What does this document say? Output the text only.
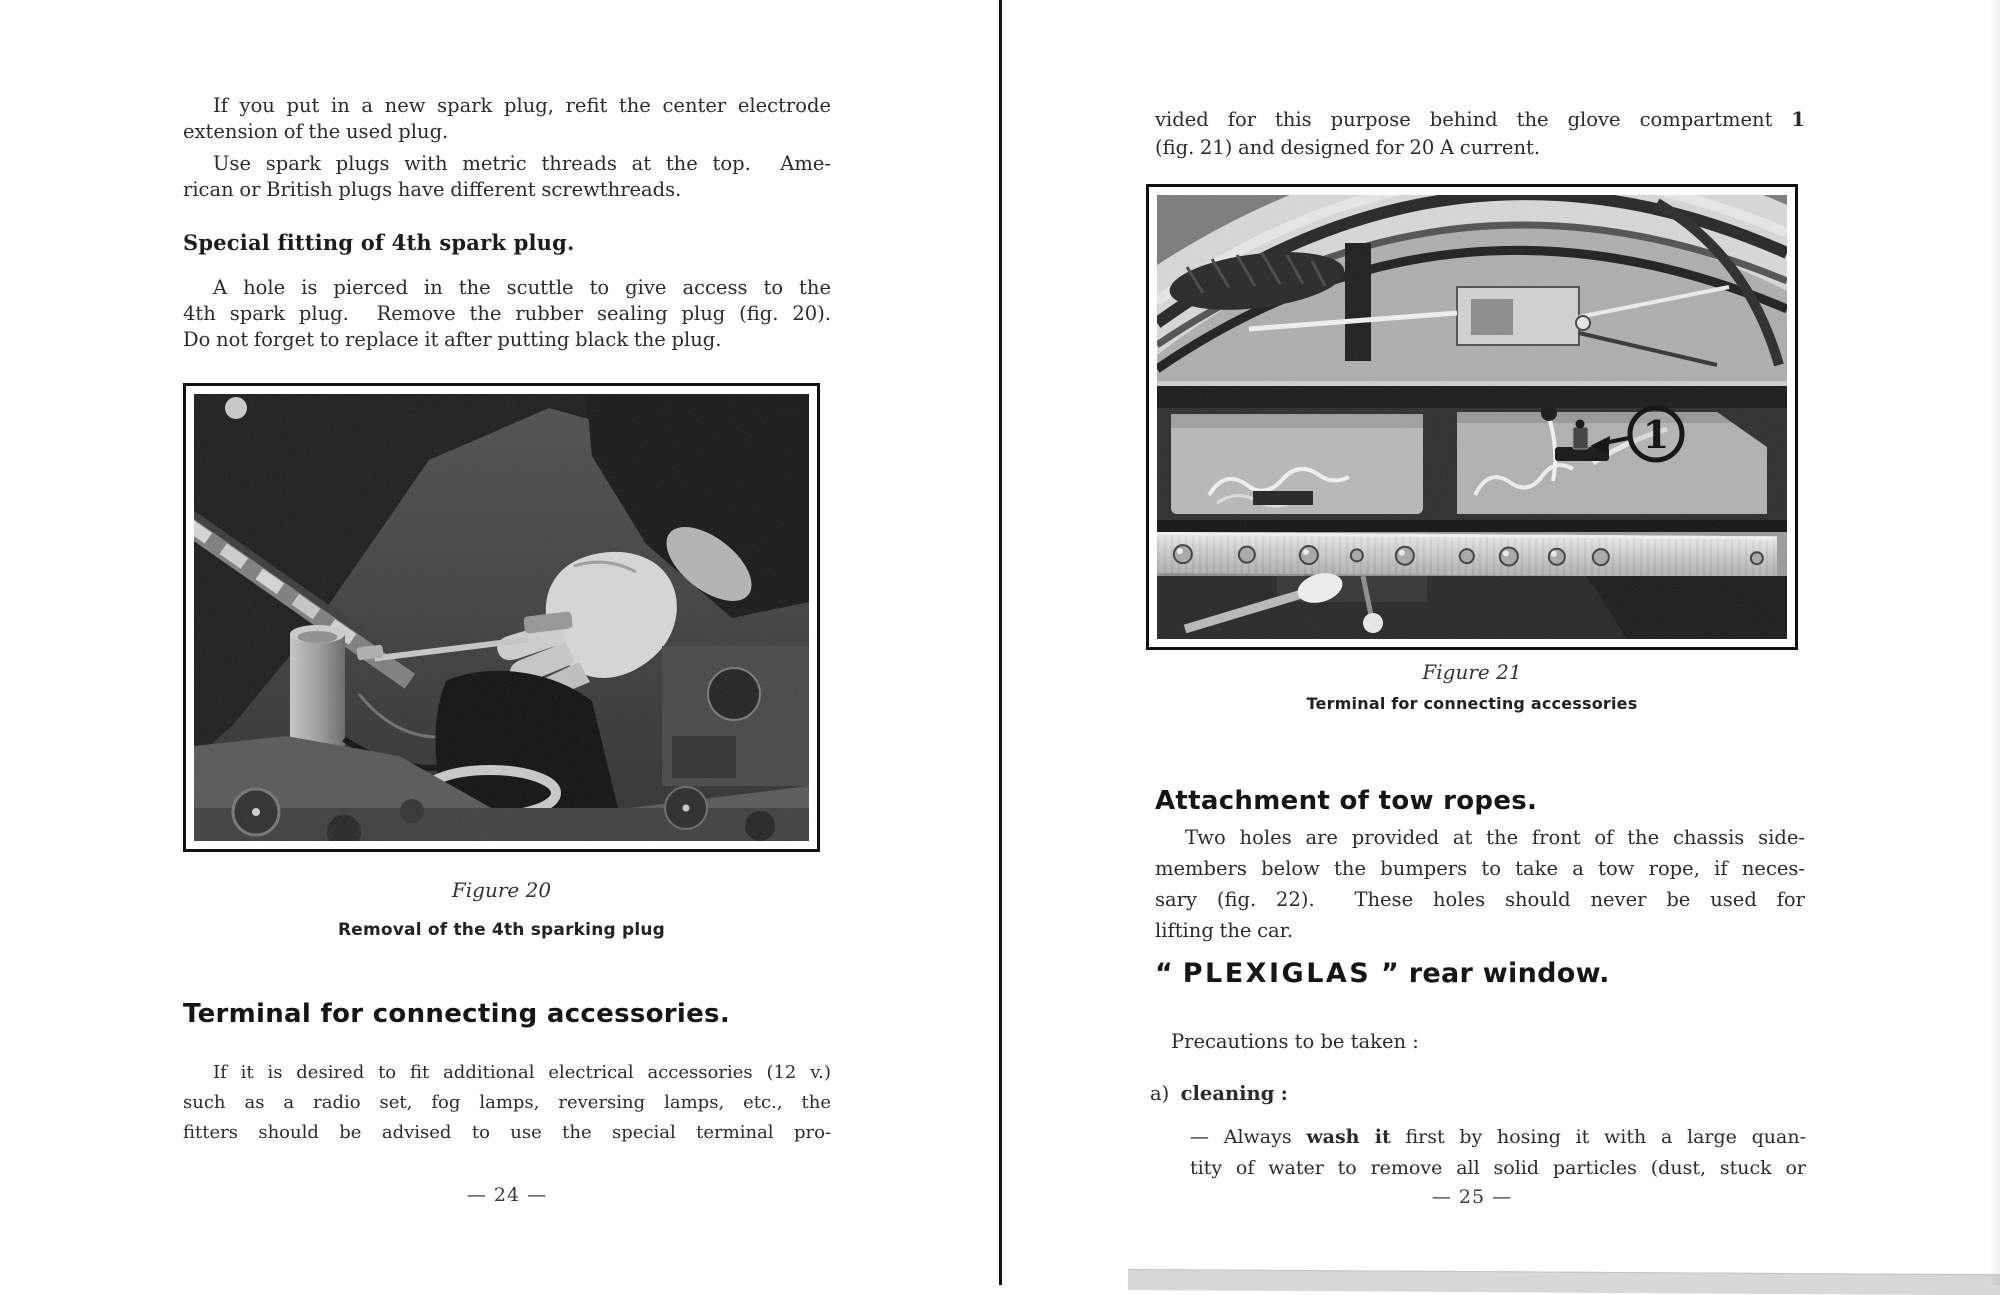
If you put in a new spark plug, refit the center electrode
extension of the used plug.
Use spark plugs with metric threads at the top.  Ame-
rican or British plugs have different screwthreads.
Special fitting of 4th spark plug.
A hole is pierced in the scuttle to give access to the
4th spark plug.  Remove the rubber sealing plug (fig. 20).
Do not forget to replace it after putting black the plug.
Figure 20
Removal of the 4th sparking plug
Terminal for connecting accessories.
If it is desired to fit additional electrical accessories (12 v.)
such as a radio set, fog lamps, reversing lamps, etc., the
fitters should be advised to use the special terminal pro-
— 24 —
vided for this purpose behind the glove compartment 1
(fig. 21) and designed for 20 A current.
1
Figure 21
Terminal for connecting accessories
Attachment of tow ropes.
Two holes are provided at the front of the chassis side-
members below the bumpers to take a tow rope, if neces-
sary (fig. 22).  These holes should never be used for
lifting the car.
“ PLEXIGLAS ” rear window.
Precautions to be taken :
a)  cleaning :
— Always wash it first by hosing it with a large quan-
tity of water to remove all solid particles (dust, stuck or
— 25 —
